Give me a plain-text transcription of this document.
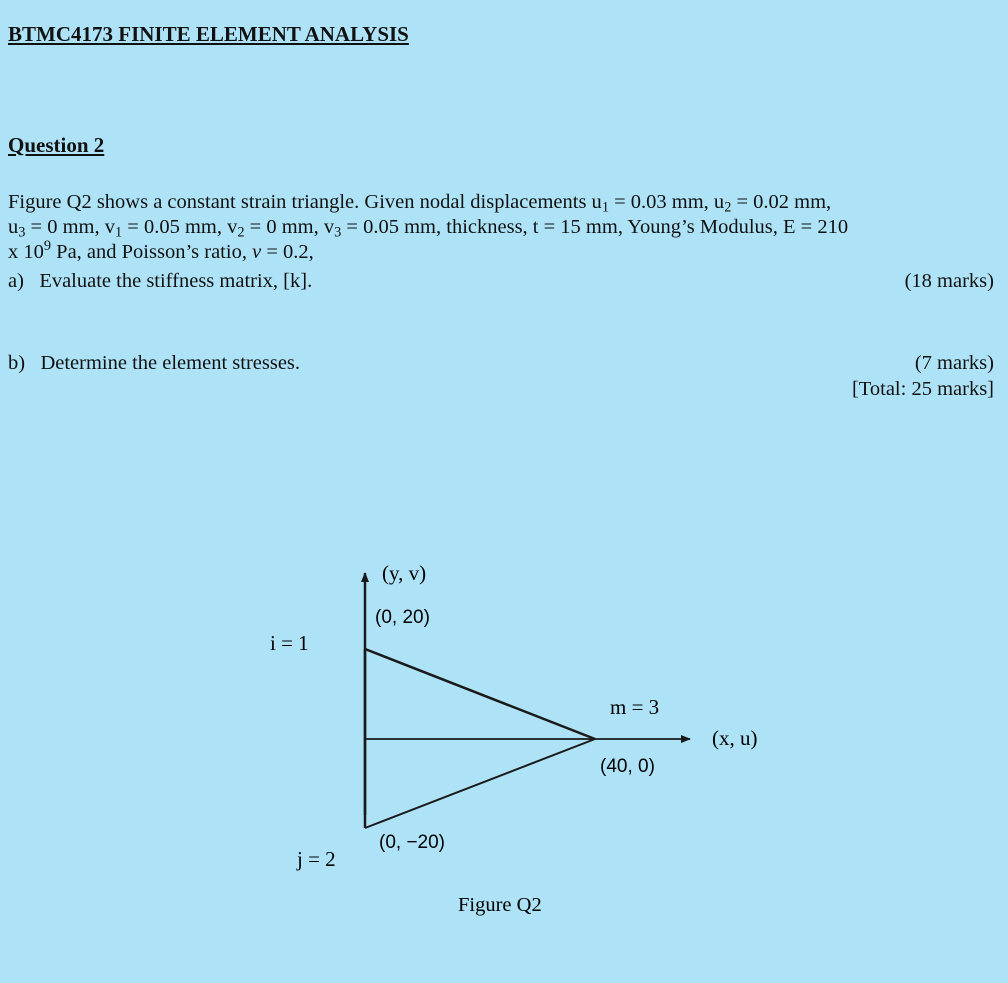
BTMC4173 FINITE ELEMENT ANALYSIS
Question 2
Figure Q2 shows a constant strain triangle. Given nodal displacements $u_1 = 0.03$ mm, $u_2 = 0.02$ mm,
$u_3 = 0$ mm, $v_1 = 0.05$ mm, $v_2 = 0$ mm, $v_3 = 0.05$ mm, thickness, t = 15 mm, Young’s Modulus, E = 210
x $10^9$ Pa, and Poisson’s ratio, ν = 0.2,
a) Evaluate the stiffness matrix, [k].	(18 marks)
b) Determine the element stresses.	(7 marks)
[Total: 25 marks]
(y, v)
(0, 20)
i = 1
m = 3
(x, u)
(40, 0)
(0, −20)
j = 2
Figure Q2
